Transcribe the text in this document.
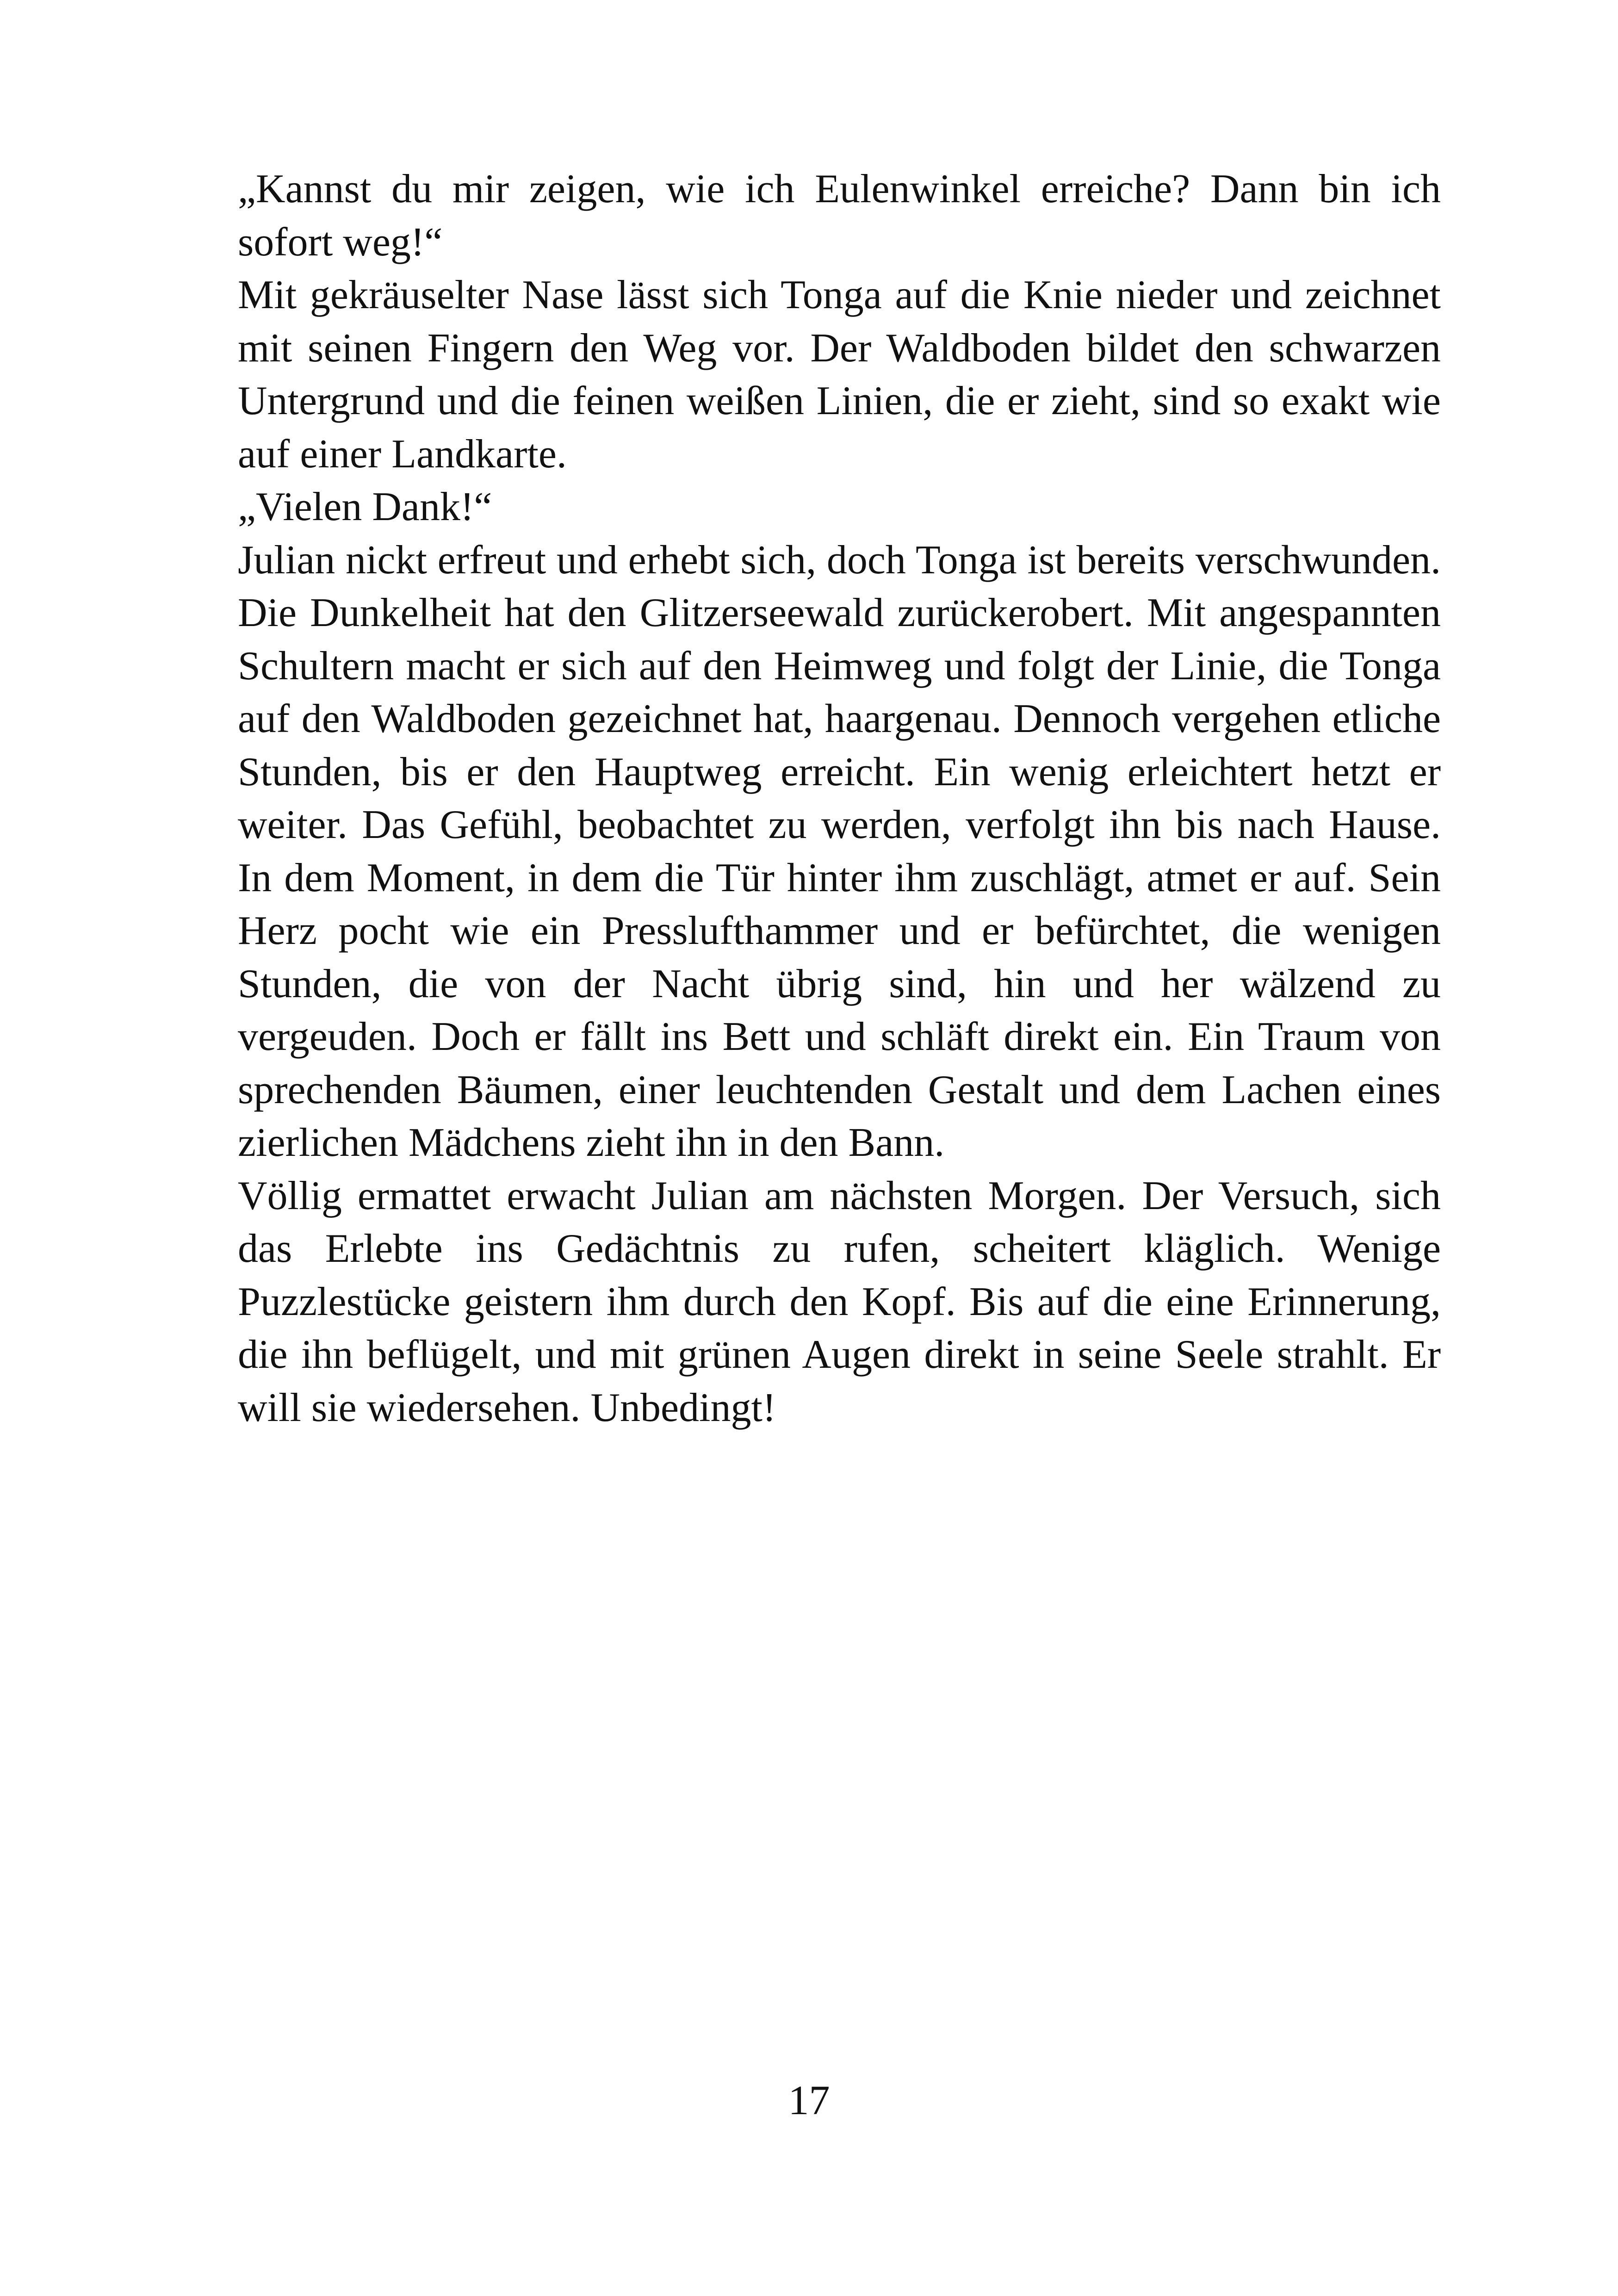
„Kannst du mir zeigen, wie ich Eulenwinkel erreiche? Dann bin ich sofort weg!“

Mit gekräuselter Nase lässt sich Tonga auf die Knie nieder und zeichnet mit seinen Fingern den Weg vor. Der Waldboden bildet den schwarzen Untergrund und die feinen weißen Linien, die er zieht, sind so exakt wie auf einer Landkarte.

„Vielen Dank!“

Julian nickt erfreut und erhebt sich, doch Tonga ist bereits verschwunden. Die Dunkelheit hat den Glitzerseewald zurückerobert. Mit angespannten Schultern macht er sich auf den Heimweg und folgt der Linie, die Tonga auf den Waldboden gezeichnet hat, haargenau. Dennoch vergehen etliche Stunden, bis er den Hauptweg erreicht. Ein wenig erleichtert hetzt er weiter. Das Gefühl, beobachtet zu werden, verfolgt ihn bis nach Hause. In dem Moment, in dem die Tür hinter ihm zuschlägt, atmet er auf. Sein Herz pocht wie ein Presslufthammer und er befürchtet, die wenigen Stunden, die von der Nacht übrig sind, hin und her wälzend zu vergeuden. Doch er fällt ins Bett und schläft direkt ein. Ein Traum von sprechenden Bäumen, einer leuchtenden Gestalt und dem Lachen eines zierlichen Mädchens zieht ihn in den Bann.

Völlig ermattet erwacht Julian am nächsten Morgen. Der Versuch, sich das Erlebte ins Gedächtnis zu rufen, scheitert kläglich. Wenige Puzzlestücke geistern ihm durch den Kopf. Bis auf die eine Erinnerung, die ihn beflügelt, und mit grünen Augen direkt in seine Seele strahlt. Er will sie wiedersehen. Unbedingt!

17
